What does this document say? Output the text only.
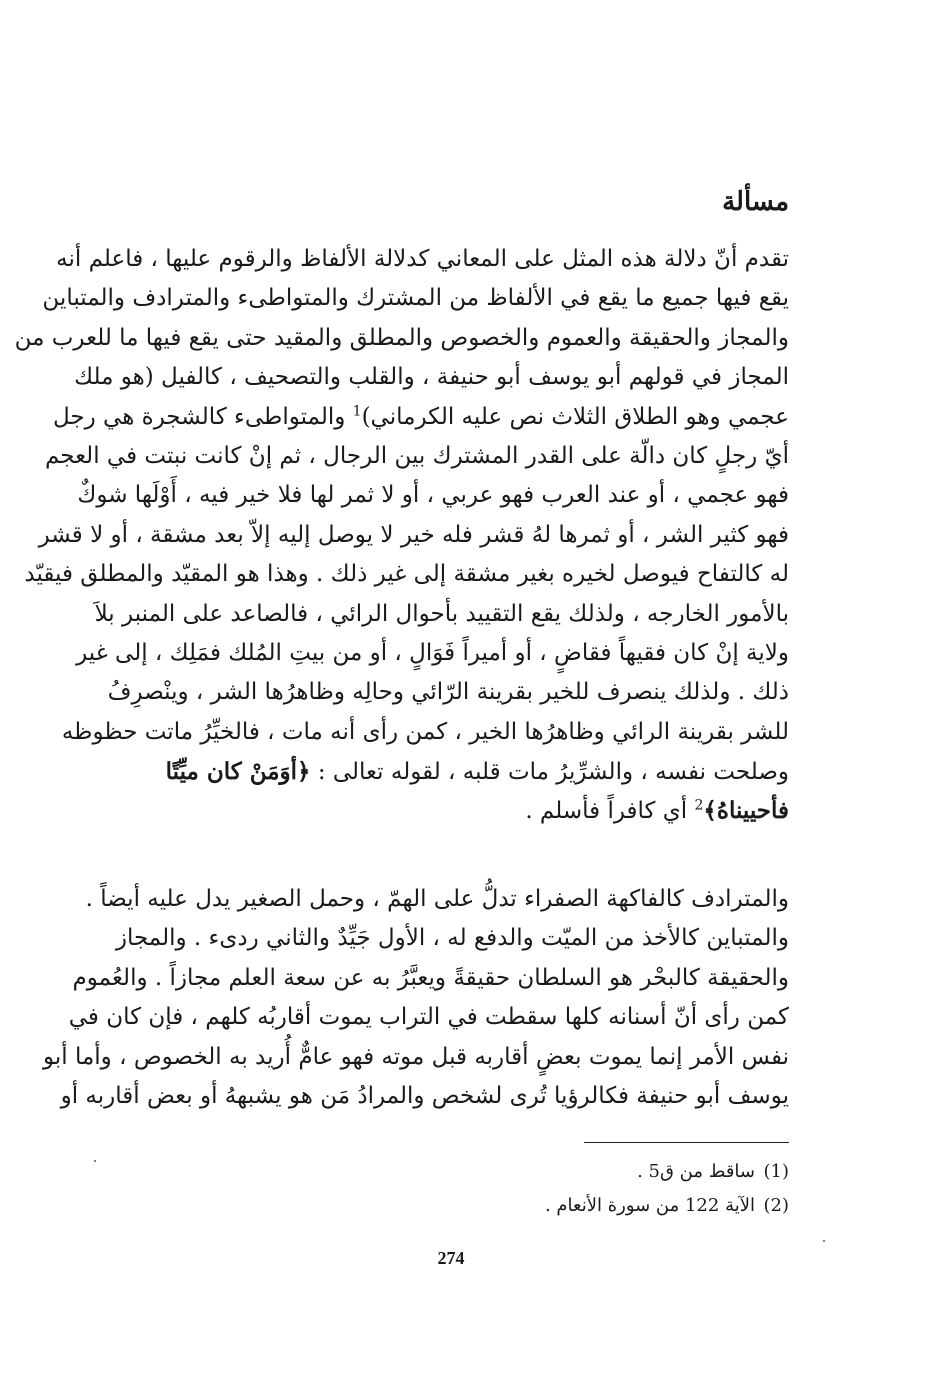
مسألة
تقدم أنّ دلالة هذه المثل على المعاني كدلالة الألفاظ والرقوم عليها ، فاعلم أنه
يقع فيها جميع ما يقع في الألفاظ من المشترك والمتواطىء والمترادف والمتباين
والمجاز والحقيقة والعموم والخصوص والمطلق والمقيد حتى يقع فيها ما للعرب من
المجاز في قولهم أبو يوسف أبو حنيفة ، والقلب والتصحيف ، كالفيل (هو ملك
عجمي وهو الطلاق الثلاث نص عليه الكرماني)$^1$ والمتواطىء كالشجرة هي رجل
أيّ رجلٍ كان دالّة على القدر المشترك بين الرجال ، ثم إنْ كانت نبتت في العجم
فهو عجمي ، أو عند العرب فهو عربي ، أو لا ثمر لها فلا خير فيه ، أَوْلَها شوكٌ
فهو كثير الشر ، أو ثمرها لهُ قشر فله خير لا يوصل إليه إلاّ بعد مشقة ، أو لا قشر
له كالتفاح فيوصل لخيره بغير مشقة إلى غير ذلك . وهذا هو المقيّد والمطلق فيقيّد
بالأمور الخارجه ، ولذلك يقع التقييد بأحوال الرائي ، فالصاعد على المنبر بلاَ
ولاية إنْ كان فقيهاً فقاضٍ ، أو أميراً فَوَالٍ ، أو من بيتِ المُلك فمَلِك ، إلى غير
ذلك . ولذلك ينصرف للخير بقرينة الرّائي وحالِه وظاهرُها الشر ، وينْصرِفُ
للشر بقرينة الرائي وظاهرُها الخير ، كمن رأى أنه مات ، فالخيِّرُ ماتت حظوظه
وصلحت نفسه ، والشرِّيرُ مات قلبه ، لقوله تعالى : ﴿أوَمَنْ كان ميِّتًا
فأحييناهُ﴾$^2$ أي كافراً فأسلم .
والمترادف كالفاكهة الصفراء تدلُّ على الهمّ ، وحمل الصغير يدل عليه أيضاً .
والمتباين كالأخذ من الميّت والدفع له ، الأول جَيِّدٌ والثاني ردىء . والمجاز
والحقيقة كالبحْر هو السلطان حقيقةً ويعبَّرُ به عن سعة العلم مجازاً . والعُموم
كمن رأى أنّ أسنانه كلها سقطت في التراب يموت أقاربُه كلهم ، فإن كان في
نفس الأمر إنما يموت بعضٍ أقاربه قبل موته فهو عامٌّ أُريد به الخصوص ، وأما أبو
يوسف أبو حنيفة فكالرؤيا تُرى لشخص والمرادُ مَن هو يشبههُ أو بعض أقاربه أو
(1)ساقط من ق5 .
(2)الآية 122 من سورة الأنعام .
274
